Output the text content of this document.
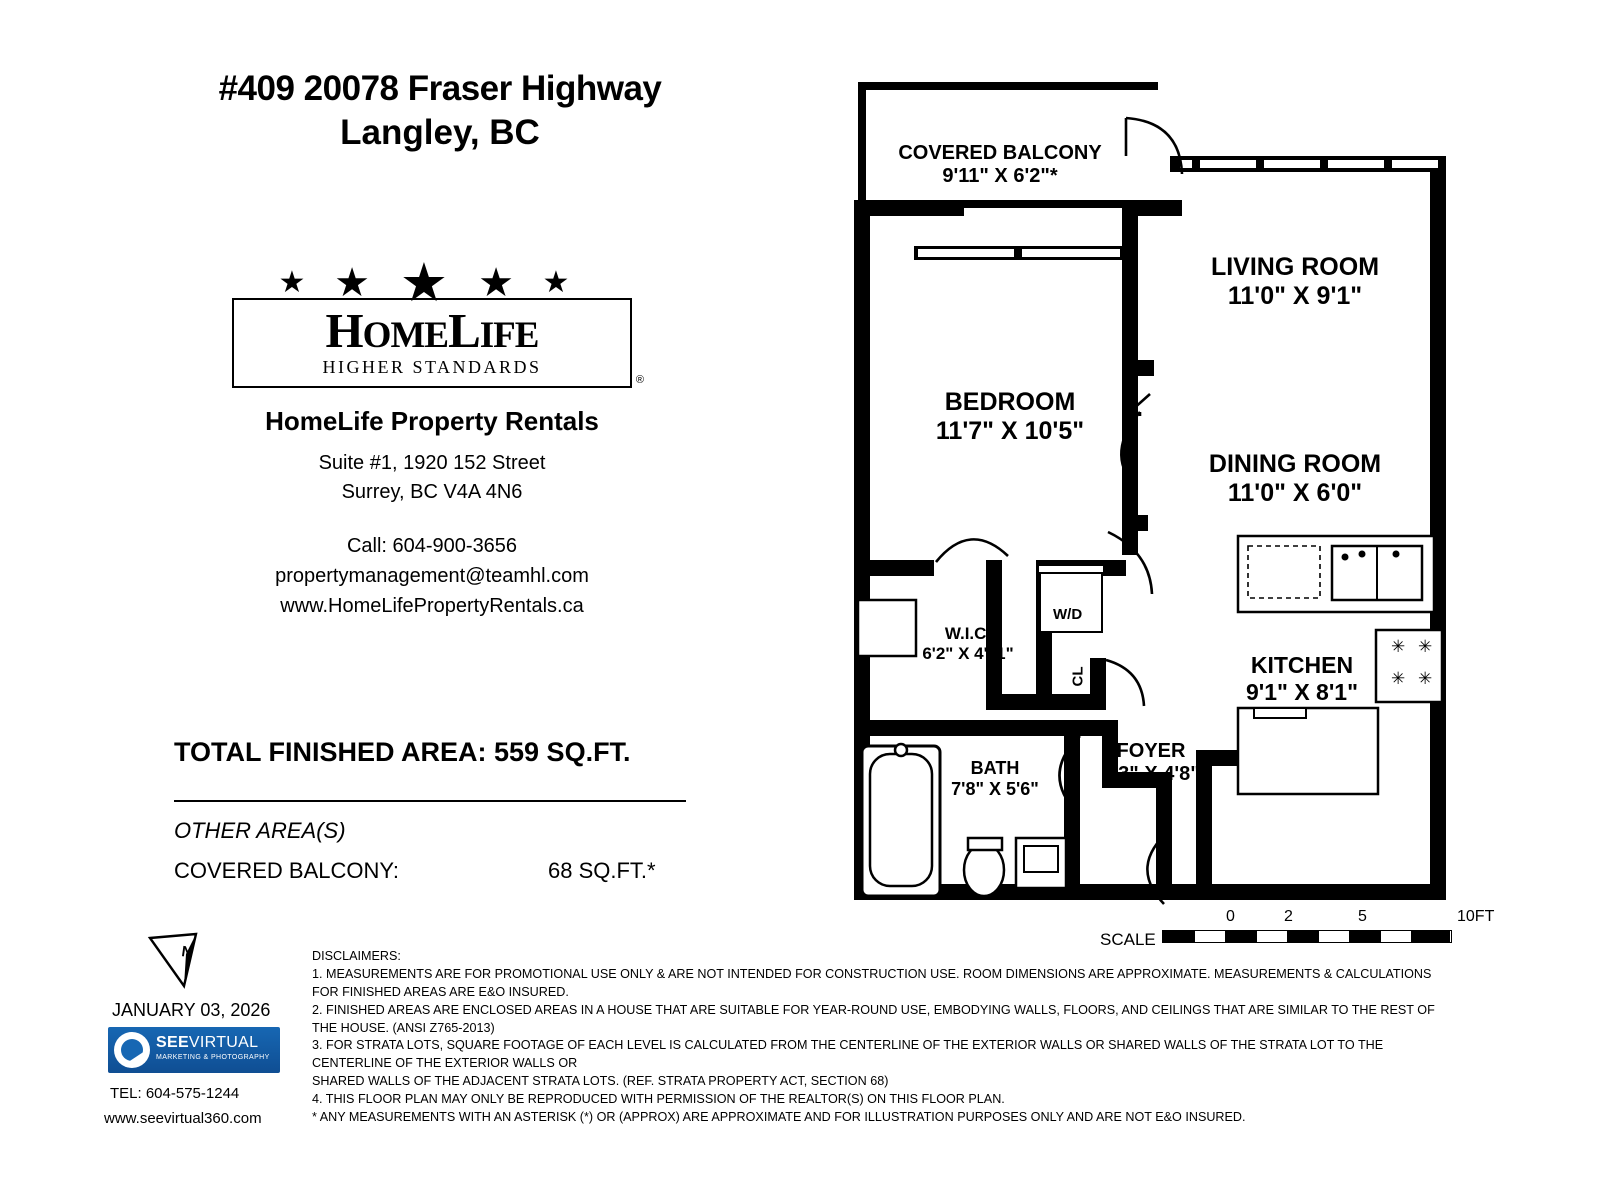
#409 20078 Fraser Highway
Langley, BC
★ ★ ★ ★ ★
HOMELIFE
HIGHER STANDARDS
®
HomeLife Property Rentals
Suite #1, 1920 152 Street
Surrey, BC V4A 4N6
Call: 604-900-3656
propertymanagement@teamhl.com
www.HomeLifePropertyRentals.ca
TOTAL FINISHED AREA: 559 SQ.FT.
OTHER AREA(S)
COVERED BALCONY:	68 SQ.FT.*
N
JANUARY 03, 2026
SEEVIRTUAL
MARKETING & PHOTOGRAPHY
TEL: 604-575-1244
www.seevirtual360.com

DISCLAIMERS:

1. MEASUREMENTS ARE FOR PROMOTIONAL USE ONLY & ARE NOT INTENDED FOR CONSTRUCTION USE. ROOM DIMENSIONS ARE APPROXIMATE. MEASUREMENTS & CALCULATIONS FOR FINISHED AREAS ARE E&O INSURED.

2. FINISHED AREAS ARE ENCLOSED AREAS IN A HOUSE THAT ARE SUITABLE FOR YEAR-ROUND USE, EMBODYING WALLS, FLOORS, AND CEILINGS THAT ARE SIMILAR TO THE REST OF THE HOUSE. (ANSI Z765-2013)

3. FOR STRATA LOTS, SQUARE FOOTAGE OF EACH LEVEL IS CALCULATED FROM THE CENTERLINE OF THE EXTERIOR WALLS OR SHARED WALLS OF THE STRATA LOT TO THE CENTERLINE OF THE EXTERIOR WALLS OR

SHARED WALLS OF THE ADJACENT STRATA LOTS. (REF. STRATA PROPERTY ACT, SECTION 68)

4. THIS FLOOR PLAN MAY ONLY BE REPRODUCED WITH PERMISSION OF THE REALTOR(S) ON THIS FLOOR PLAN.

* ANY MEASUREMENTS WITH AN ASTERISK (*) OR (APPROX) ARE APPROXIMATE AND FOR ILLUSTRATION PURPOSES ONLY AND ARE NOT E&O INSURED.

✳ ✳
✳ ✳
COVERED BALCONY
9'11" X 6'2"*
LIVING ROOM
11'0" X 9'1"
BEDROOM
11'7" X 10'5"
DINING ROOM
11'0" X 6'0"
KITCHEN
9'1" X 8'1"
W.I.C.
6'2" X 4'11"
BATH
7'8" X 5'6"
FOYER
5'3" X 4'8"
W/D
CL
SCALE
0	2	5	10FT
